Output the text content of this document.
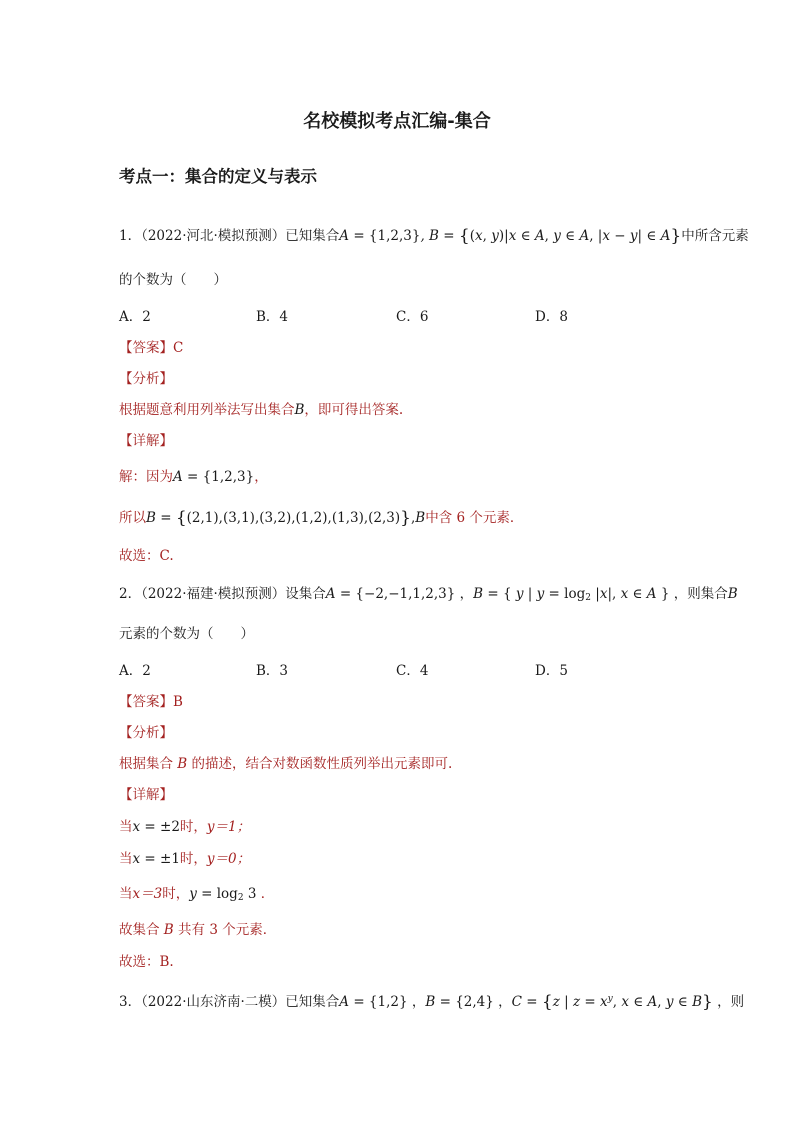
名校模拟考点汇编-集合
考点一：集合的定义与表示
1．（2022·河北·模拟预测）已知集合A = {1,2,3}, B = {(x, y)|x ∈ A, y ∈ A, |x − y| ∈ A}中所含元素
的个数为（　　）
A．2	B．4	C．6	D．8
【答案】C
【分析】
根据题意利用列举法写出集合B，即可得出答案.
【详解】
解：因为A = {1,2,3}，
所以B = {(2,1),(3,1),(3,2),(1,2),(1,3),(2,3)},B中含 6 个元素．
故选：C.
2．（2022·福建·模拟预测）设集合A = {−2,−1,1,2,3} ，B = { y | $y = \log_2 |x|$, x ∈ A } ，则集合B
元素的个数为（　　）
A．2	B．3	C．4	D．5
【答案】B
【分析】
根据集合 B 的描述，结合对数函数性质列举出元素即可.
【详解】
当x = ±2时，y＝1；
当x = ±1时，y＝0；
当x＝3时，$y = \log_2 3$ ．
故集合 B 共有 3 个元素．
故选：B.
3．（2022·山东济南·二模）已知集合A = {1,2} ，B = {2,4} ，C = {z | $z = x^y$, x ∈ A, y ∈ B} ，则
